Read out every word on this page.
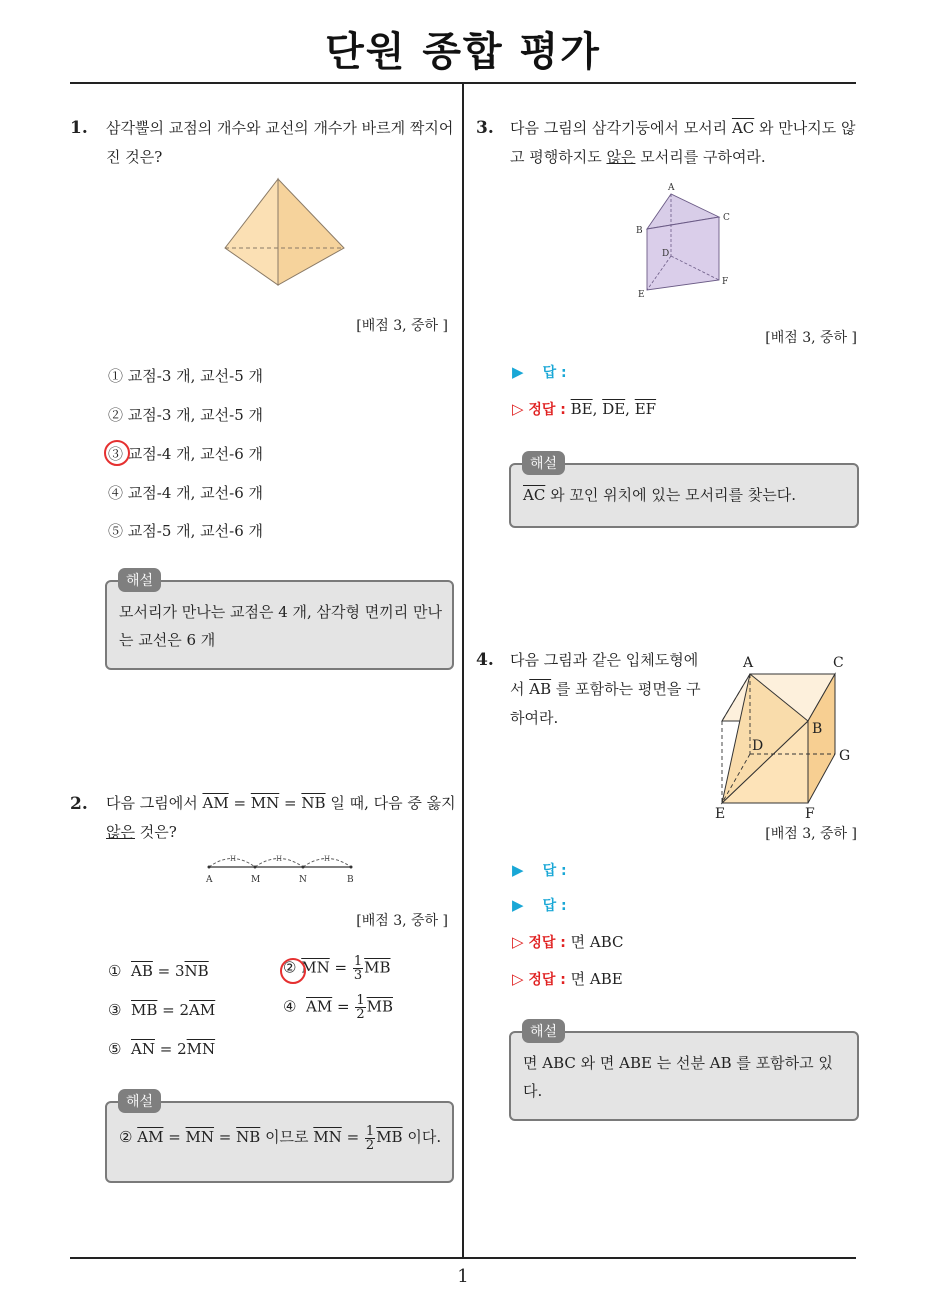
단원 종합 평가
1
1. 삼각뿔의 교점의 개수와 교선의 개수가 바르게 짝지어
진 것은?
[배점 3, 중하 ]
① 교점-3 개, 교선-5 개
② 교점-3 개, 교선-5 개
③ 교점-4 개, 교선-6 개
④ 교점-4 개, 교선-6 개
⑤ 교점-5 개, 교선-6 개
모서리가 만나는 교점은 4 개, 삼각형 면끼리 만나
는 교선은 6 개
해설
2. 다음 그림에서 $\overline{AM} = \overline{MN} = \overline{NB}$ 일 때, 다음 중 옳지
않은 것은?
H	H	H
A	M	N	B
[배점 3, 중하 ]
① $\overline{AB} = 3\overline{NB}$	② $\overline{MN} = \frac{1}{3} \overline{MB}$
③ $\overline{MB} = 2\overline{AM}$	④ $\overline{AM} = \frac{1}{2} \overline{MB}$
⑤ $\overline{AN} = 2\overline{MN}$
② $\overline{AM} = \overline{MN} = \overline{NB}$ 이므로 $\overline{MN} = \frac{1}{2} \overline{MB}$ 이다.
해설
3. 다음 그림의 삼각기둥에서 모서리 $\overline{AC}$ 와 만나지도 않
고 평행하지도 않은 모서리를 구하여라.
A
B
C
D
E
F
[배점 3, 중하 ]
▶ 답 :
▷ 정답 : $\overline{BE}$, $\overline{DE}$, $\overline{EF}$
$\overline{AC}$ 와 꼬인 위치에 있는 모서리를 찾는다.
해설
4. 다음 그림과 같은 입체도형에
서 $\overline{AB}$ 를 포함하는 평면을 구
하여라.
A
B
C
D
E	F
G
[배점 3, 중하 ]
▶ 답 :
▶ 답 :
▷ 정답 : 면 ABC
▷ 정답 : 면 ABE
면 ABC 와 면 ABE 는 선분 AB 를 포함하고 있
다.
해설
